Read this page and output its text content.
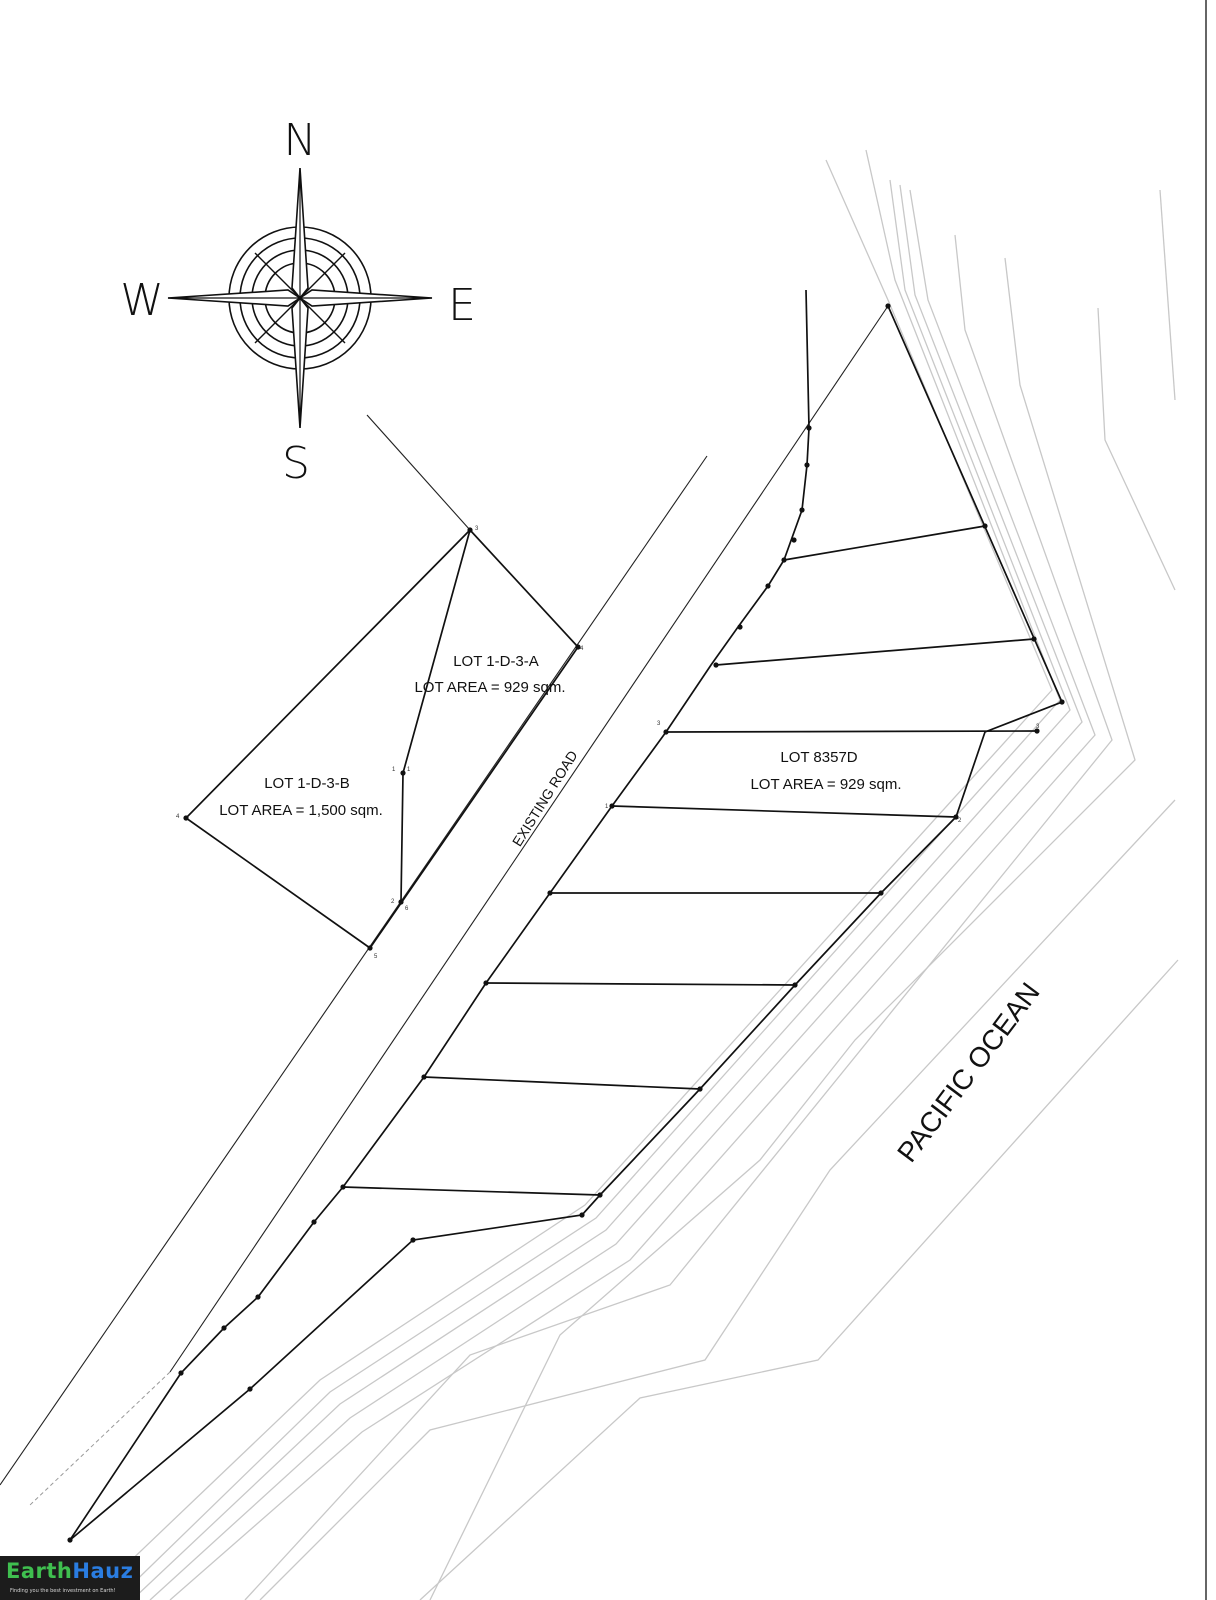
3
4
4
5
1 1
2
6
3
1
2
3
N
S
E
W
LOT 1-D-3-A
LOT AREA = 929 sqm.
LOT 1-D-3-B
LOT AREA = 1,500 sqm.
LOT 8357D
LOT AREA = 929 sqm.
EXISTING ROAD
PACIFIC OCEAN
EarthHauz
Finding you the best investment on Earth!
